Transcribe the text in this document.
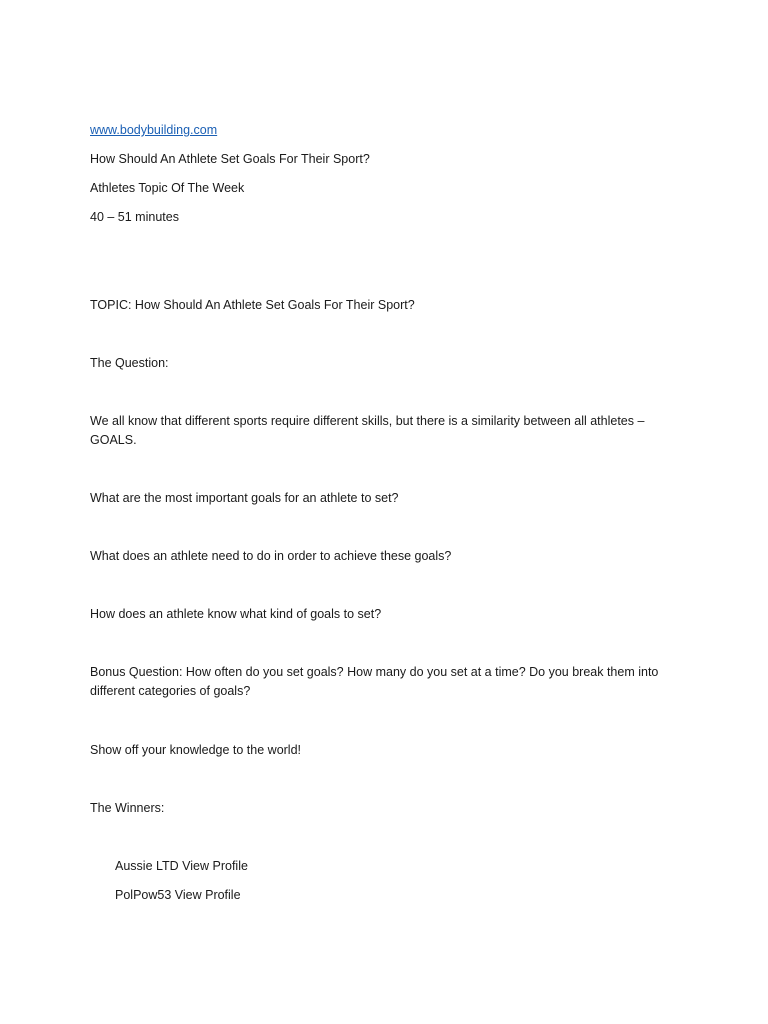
www.bodybuilding.com
How Should An Athlete Set Goals For Their Sport?
Athletes Topic Of The Week
40 – 51 minutes
TOPIC: How Should An Athlete Set Goals For Their Sport?
The Question:
We all know that different sports require different skills, but there is a similarity between all athletes – GOALS.
What are the most important goals for an athlete to set?
What does an athlete need to do in order to achieve these goals?
How does an athlete know what kind of goals to set?
Bonus Question: How often do you set goals? How many do you set at a time? Do you break them into different categories of goals?
Show off your knowledge to the world!
The Winners:
Aussie LTD View Profile
PolPow53 View Profile
